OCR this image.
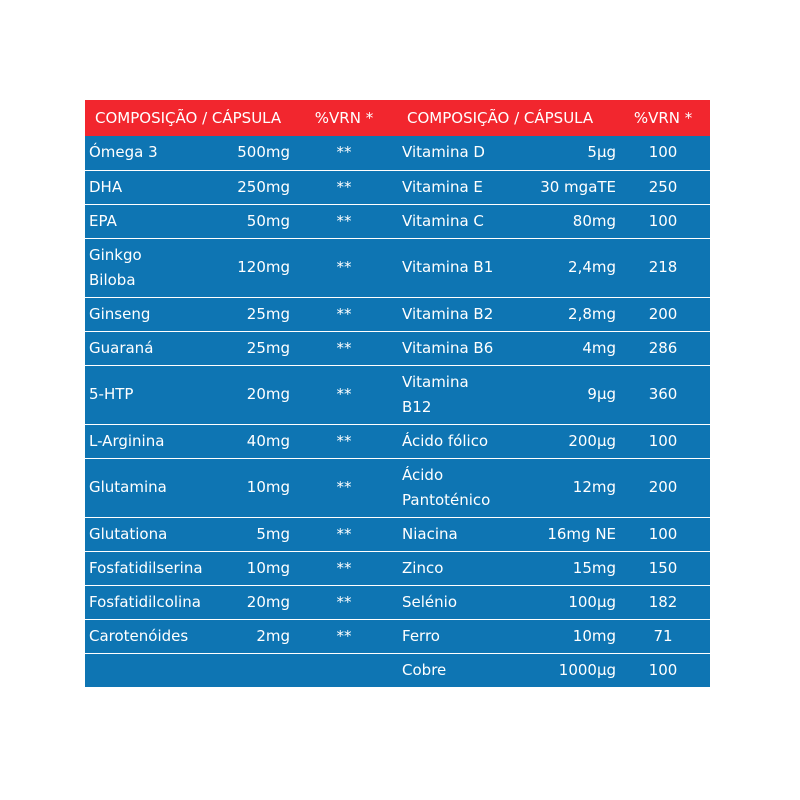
COMPOSIÇÃO / CÁPSULA		%VRN *	COMPOSIÇÃO / CÁPSULA		%VRN *
Ómega 3	500mg	**	Vitamina D	5µg	100
DHA	250mg	**	Vitamina E	30 mgaTE	250
EPA	50mg	**	Vitamina C	80mg	100
Ginkgo Biloba	120mg	**	Vitamina B1	2,4mg	218
Ginseng	25mg	**	Vitamina B2	2,8mg	200
Guaraná	25mg	**	Vitamina B6	4mg	286
5-HTP	20mg	**	Vitamina B12	9µg	360
L-Arginina	40mg	**	Ácido fólico	200µg	100
Glutamina	10mg	**	Ácido Pantoténico	12mg	200
Glutationa	5mg	**	Niacina	16mg NE	100
Fosfatidilserina	10mg	**	Zinco	15mg	150
Fosfatidilcolina	20mg	**	Selénio	100µg	182
Carotenóides	2mg	**	Ferro	10mg	71
			Cobre	1000µg	100
